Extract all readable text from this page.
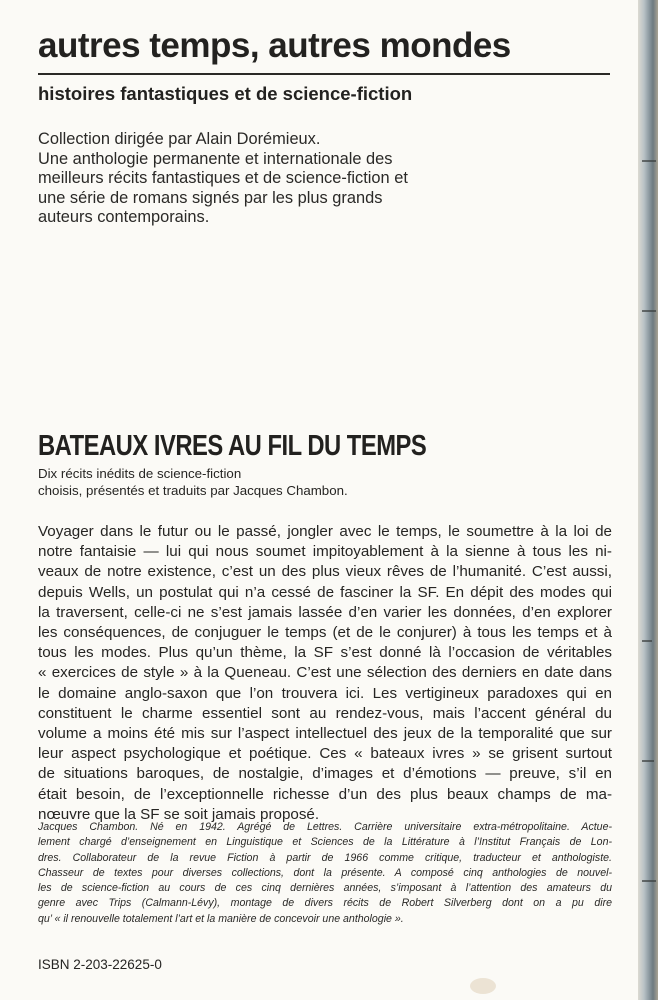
autres temps, autres mondes
histoires fantastiques et de science-fiction
Collection dirigée par Alain Dorémieux.
Une anthologie permanente et internationale des
meilleurs récits fantastiques et de science-fiction et
une série de romans signés par les plus grands
auteurs contemporains.
BATEAUX IVRES AU FIL DU TEMPS
Dix récits inédits de science-fiction
choisis, présentés et traduits par Jacques Chambon.
Voyager dans le futur ou le passé, jongler avec le temps, le soumettre à la loi de
notre fantaisie — lui qui nous soumet impitoyablement à la sienne à tous les ni-
veaux de notre existence, c’est un des plus vieux rêves de l’humanité. C’est aussi,
depuis Wells, un postulat qui n’a cessé de fasciner la SF. En dépit des modes qui
la traversent, celle-ci ne s’est jamais lassée d’en varier les données, d’en explorer
les conséquences, de conjuguer le temps (et de le conjurer) à tous les temps et à
tous les modes. Plus qu’un thème, la SF s’est donné là l’occasion de véritables
« exercices de style » à la Queneau. C’est une sélection des derniers en date dans
le domaine anglo-saxon que l’on trouvera ici. Les vertigineux paradoxes qui en
constituent le charme essentiel sont au rendez-vous, mais l’accent général du
volume a moins été mis sur l’aspect intellectuel des jeux de la temporalité que sur
leur aspect psychologique et poétique. Ces « bateaux ivres » se grisent surtout
de situations baroques, de nostalgie, d’images et d’émotions — preuve, s’il en
était besoin, de l’exceptionnelle richesse d’un des plus beaux champs de ma-
nœuvre que la SF se soit jamais proposé.
Jacques Chambon. Né en 1942. Agrégé de Lettres. Carrière universitaire extra-métropolitaine. Actue-
lement chargé d’enseignement en Linguistique et Sciences de la Littérature à l’Institut Français de Lon-
dres. Collaborateur de la revue Fiction à partir de 1966 comme critique, traducteur et anthologiste.
Chasseur de textes pour diverses collections, dont la présente. A composé cinq anthologies de nouvel-
les de science-fiction au cours de ces cinq dernières années, s’imposant à l’attention des amateurs du
genre avec Trips (Calmann-Lévy), montage de divers récits de Robert Silverberg dont on a pu dire
qu’ « il renouvelle totalement l’art et la manière de concevoir une anthologie ».
ISBN 2-203-22625-0
